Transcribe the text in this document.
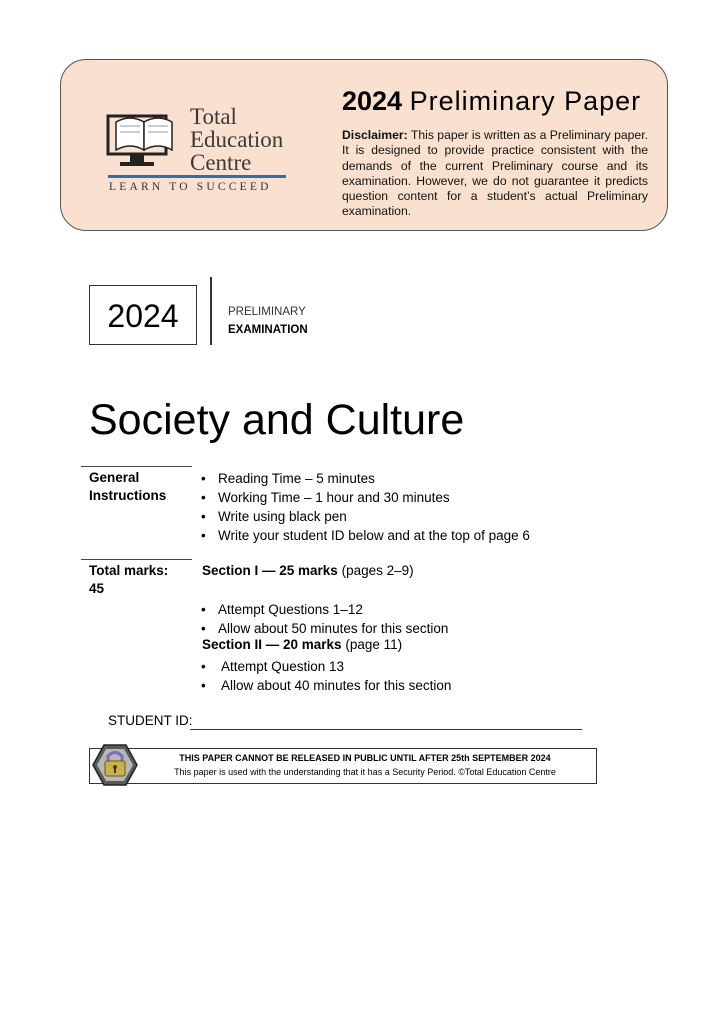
Total
Education
Centre
LEARN TO SUCCEED
2024 Preliminary Paper
Disclaimer: This paper is written as a Preliminary paper. It is designed to provide practice consistent with the demands of the current Preliminary course and its examination. However, we do not guarantee it predicts question content for a student’s actual Preliminary examination.
2024	PRELIMINARY
EXAMINATION
Society and Culture
General Instructions
• Reading Time – 5 minutes
• Working Time – 1 hour and 30 minutes
• Write using black pen
• Write your student ID below and at the top of page 6
Total marks:
45
Section I — 25 marks (pages 2–9)
• Attempt Questions 1–12
• Allow about 50 minutes for this section
Section II — 20 marks (page 11)
• Attempt Question 13
• Allow about 40 minutes for this section
STUDENT ID:
THIS PAPER CANNOT BE RELEASED IN PUBLIC UNTIL AFTER 25th SEPTEMBER 2024
This paper is used with the understanding that it has a Security Period. ©Total Education Centre
